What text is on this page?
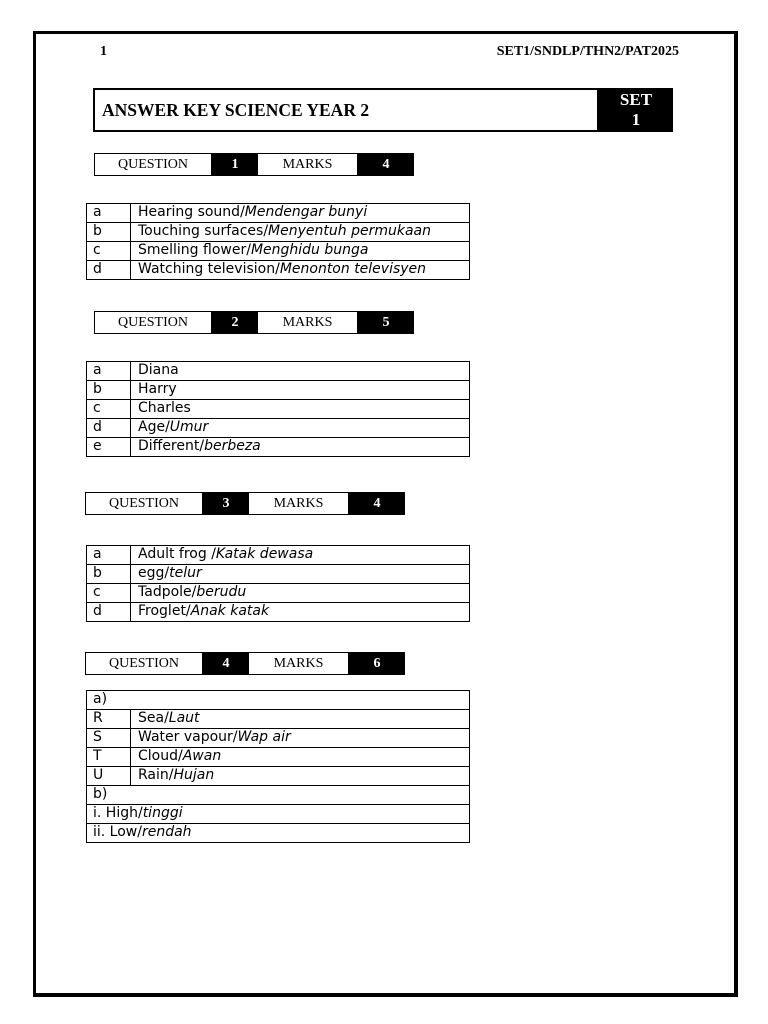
1	SET1/SNDLP/THN2/PAT2025
ANSWER KEY SCIENCE YEAR 2	SET
1
QUESTION	1	MARKS	4
a	Hearing sound/Mendengar bunyi
b	Touching surfaces/Menyentuh permukaan
c	Smelling flower/Menghidu bunga
d	Watching television/Menonton televisyen
QUESTION	2	MARKS	5
a	Diana
b	Harry
c	Charles
d	Age/Umur
e	Different/berbeza
QUESTION	3	MARKS	4
a	Adult frog /Katak dewasa
b	egg/telur
c	Tadpole/berudu
d	Froglet/Anak katak
QUESTION	4	MARKS	6
a)	
R	Sea/Laut
S	Water vapour/Wap air
T	Cloud/Awan
U	Rain/Hujan
b)	
i. High/tinggi	
ii. Low/rendah	
